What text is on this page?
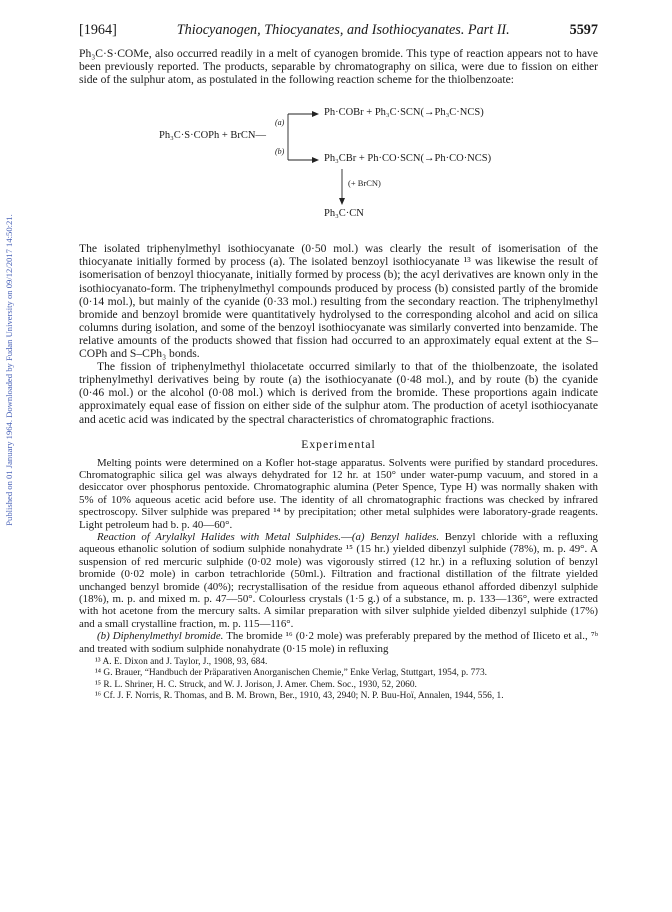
Published on 01 January 1964. Downloaded by Fudan University on 09/12/2017 14:50:21.
[1964]	Thiocyanogen, Thiocyanates, and Isothiocyanates. Part II.	5597

Ph₃C·S·COMe, also occurred readily in a melt of cyanogen bromide. This type of reaction appears not to have been previously reported. The products, separable by chromatography on silica, were due to fission on either side of the sulphur atom, as postulated in the following reaction scheme for the thiolbenzoate:

Ph₃C·S·COPh + BrCN—
(a)
(b)
Ph·COBr + Ph₃C·SCN(→Ph₃C·NCS)
Ph₃CBr + Ph·CO·SCN(→Ph·CO·NCS)
(+ BrCN)
Ph₃C·CN

The isolated triphenylmethyl isothiocyanate (0·50 mol.) was clearly the result of isomerisation of the thiocyanate initially formed by process (a). The isolated benzoyl isothiocyanate ¹³ was likewise the result of isomerisation of benzoyl thiocyanate, initially formed by process (b); the acyl derivatives are known only in the isothiocyanato-form. The triphenylmethyl compounds produced by process (b) consisted partly of the bromide (0·14 mol.), but mainly of the cyanide (0·33 mol.) resulting from the secondary reaction. The triphenylmethyl bromide and benzoyl bromide were quantitatively hydrolysed to the corresponding alcohol and acid on silica columns during isolation, and some of the benzoyl isothiocyanate was similarly converted into benzamide. The relative amounts of the products showed that fission had occurred to an approximately equal extent at the S–COPh and S–CPh₃ bonds.

The fission of triphenylmethyl thiolacetate occurred similarly to that of the thiolbenzoate, the isolated triphenylmethyl derivatives being by route (a) the isothiocyanate (0·48 mol.), and by route (b) the cyanide (0·46 mol.) or the alcohol (0·08 mol.) which is derived from the bromide. These proportions again indicate approximately equal ease of fission on either side of the sulphur atom. The production of acetyl isothiocyanate and acetic acid was indicated by the spectral characteristics of chromatographic fractions.

Experimental

Melting points were determined on a Kofler hot-stage apparatus. Solvents were purified by standard procedures. Chromatographic silica gel was always dehydrated for 12 hr. at 150° under water-pump vacuum, and stored in a desiccator over phosphorus pentoxide. Chromatographic alumina (Peter Spence, Type H) was normally shaken with 5% of 10% aqueous acetic acid before use. The identity of all chromatographic fractions was checked by infrared spectroscopy. Silver sulphide was prepared ¹⁴ by precipitation; other metal sulphides were laboratory-grade reagents. Light petroleum had b. p. 40—60°.

Reaction of Arylalkyl Halides with Metal Sulphides.—(a) Benzyl halides. Benzyl chloride with a refluxing aqueous ethanolic solution of sodium sulphide nonahydrate ¹⁵ (15 hr.) yielded dibenzyl sulphide (78%), m. p. 49°. A suspension of red mercuric sulphide (0·02 mole) was vigorously stirred (12 hr.) in a refluxing solution of benzyl bromide (0·02 mole) in carbon tetrachloride (50ml.). Filtration and fractional distillation of the filtrate yielded unchanged benzyl bromide (40%); recrystallisation of the residue from aqueous ethanol afforded dibenzyl sulphide (18%), m. p. and mixed m. p. 47—50°. Colourless crystals (1·5 g.) of a substance, m. p. 133—136°, were extracted with hot acetone from the mercury salts. A similar preparation with silver sulphide yielded dibenzyl sulphide (17%) and a small crystalline fraction, m. p. 115—116°.

(b) Diphenylmethyl bromide. The bromide ¹⁶ (0·2 mole) was preferably prepared by the method of Iliceto et al., ⁷ᵇ and treated with sodium sulphide nonahydrate (0·15 mole) in refluxing

¹³ A. E. Dixon and J. Taylor, J., 1908, 93, 684.

¹⁴ G. Brauer, “Handbuch der Präparativen Anorganischen Chemie,” Enke Verlag, Stuttgart, 1954, p. 773.

¹⁵ R. L. Shriner, H. C. Struck, and W. J. Jorison, J. Amer. Chem. Soc., 1930, 52, 2060.

¹⁶ Cf. J. F. Norris, R. Thomas, and B. M. Brown, Ber., 1910, 43, 2940; N. P. Buu-Hoï, Annalen, 1944, 556, 1.
